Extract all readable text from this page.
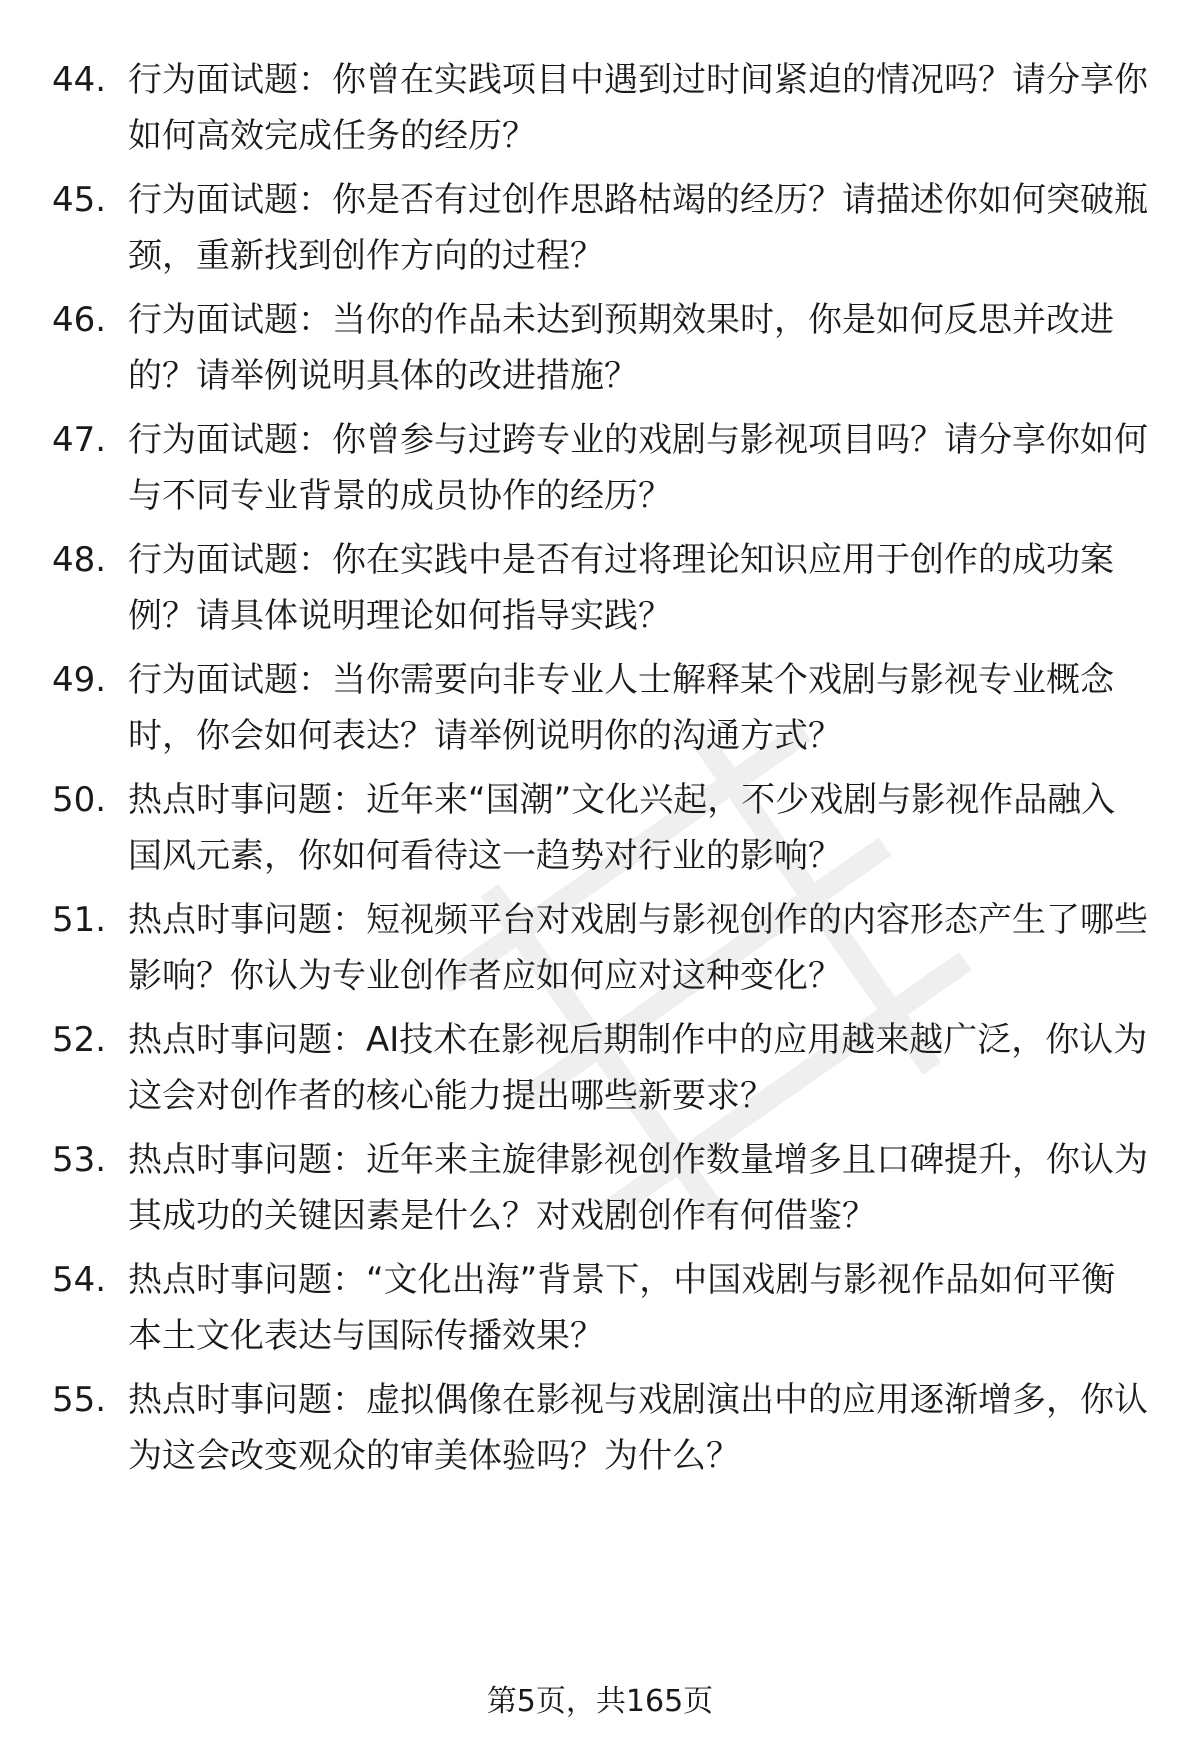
44. 行为面试题：你曾在实践项目中遇到过时间紧迫的情况吗？请分享你如何高效完成任务的经历？
45. 行为面试题：你是否有过创作思路枯竭的经历？请描述你如何突破瓶颈，重新找到创作方向的过程？
46. 行为面试题：当你的作品未达到预期效果时，你是如何反思并改进的？请举例说明具体的改进措施？
47. 行为面试题：你曾参与过跨专业的戏剧与影视项目吗？请分享你如何与不同专业背景的成员协作的经历？
48. 行为面试题：你在实践中是否有过将理论知识应用于创作的成功案例？请具体说明理论如何指导实践？
49. 行为面试题：当你需要向非专业人士解释某个戏剧与影视专业概念时，你会如何表达？请举例说明你的沟通方式？
50. 热点时事问题：近年来“国潮”文化兴起，不少戏剧与影视作品融入国风元素，你如何看待这一趋势对行业的影响？
51. 热点时事问题：短视频平台对戏剧与影视创作的内容形态产生了哪些影响？你认为专业创作者应如何应对这种变化？
52. 热点时事问题：AI技术在影视后期制作中的应用越来越广泛，你认为这会对创作者的核心能力提出哪些新要求？
53. 热点时事问题：近年来主旋律影视创作数量增多且口碑提升，你认为其成功的关键因素是什么？对戏剧创作有何借鉴？
54. 热点时事问题：“文化出海”背景下，中国戏剧与影视作品如何平衡本土文化表达与国际传播效果？
55. 热点时事问题：虚拟偶像在影视与戏剧演出中的应用逐渐增多，你认为这会改变观众的审美体验吗？为什么？
第5页，共165页
